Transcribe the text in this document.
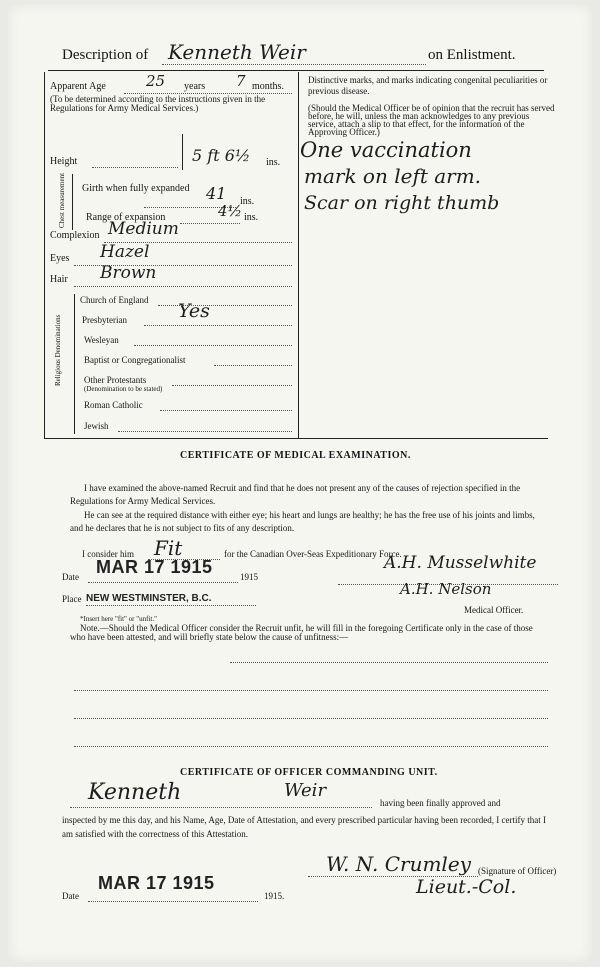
Description of Kenneth Weir	on Enlistment.
Apparent Age	25 years 7 months.
(To be determined according to the instructions given in the Regulations for Army Medical Services.)
Distinctive marks, and marks indicating congenital peculiarities or previous disease.
(Should the Medical Officer be of opinion that the recruit has served before, he will, unless the man acknowledges to any previous service, attach a slip to that effect, for the information of the Approving Officer.)
One vaccination
mark on left arm.
Scar on right thumb
Height	5 ft 6½ ins.
Chest measurement Girth when fully expanded 41 ins.
Range of expansion	4½ ins.
Complexion Medium
Eyes Hazel
Hair Brown
Religious Denominations
Church of England
Presbyterian	Yes
Wesleyan
Baptist or Congregationalist
Other Protestants
(Denomination to be stated)
Roman Catholic
Jewish
CERTIFICATE OF MEDICAL EXAMINATION.
I have examined the above-named Recruit and find that he does not present any of the causes of rejection specified in the Regulations for Army Medical Services.
He can see at the required distance with either eye; his heart and lungs are healthy; he has the free use of his joints and limbs, and he declares that he is not subject to fits of any description.
I consider him Fit	for the Canadian Over-Seas Expeditionary Force.
Date MAR 17 1915	1915
A.H. Musselwhite
A.H. Nelson
Place NEW WESTMINSTER, B.C.
Medical Officer.
*Insert here "fit" or "unfit."
Note.—Should the Medical Officer consider the Recruit unfit, he will fill in the foregoing Certificate only in the case of those who have been attested, and will briefly state below the cause of unfitness:—
CERTIFICATE OF OFFICER COMMANDING UNIT.
Kenneth	Weir
having been finally approved and
inspected by me this day, and his Name, Age, Date of Attestation, and every prescribed particular having been recorded, I certify that I am satisfied with the correctness of this Attestation.
W. N. Crumley (Signature of Officer)
Lieut.-Col.
Date
MAR 17 1915
1915.
